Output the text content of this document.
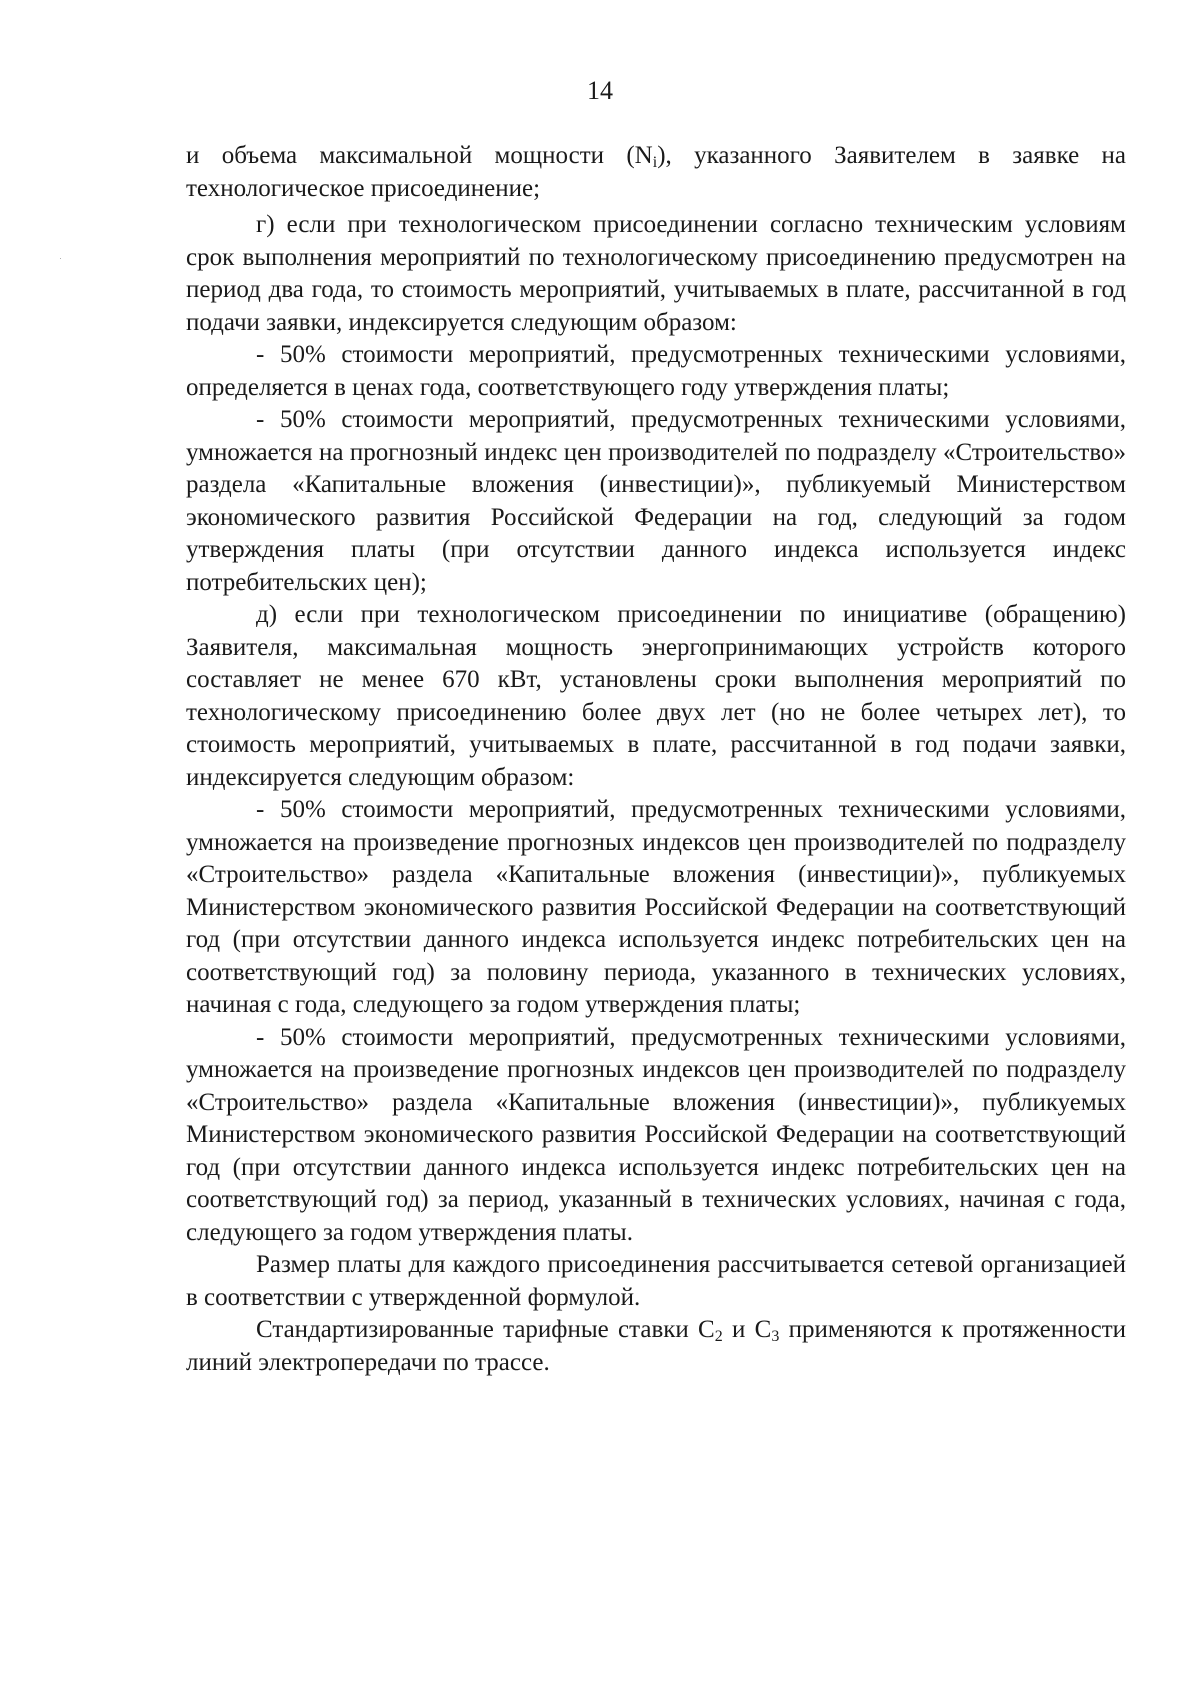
14

и объема максимальной мощности $(N_i)$, указанного Заявителем в заявке на технологическое присоединение;

г) если при технологическом присоединении согласно техническим условиям срок выполнения мероприятий по технологическому присоединению предусмотрен на период два года, то стоимость мероприятий, учитываемых в плате, рассчитанной в год подачи заявки, индексируется следующим образом:

- 50% стоимости мероприятий, предусмотренных техническими условиями, определяется в ценах года, соответствующего году утверждения платы;

- 50% стоимости мероприятий, предусмотренных техническими условиями, умножается на прогнозный индекс цен производителей по подразделу «Строительство» раздела «Капитальные вложения (инвестиции)», публикуемый Министерством экономического развития Российской Федерации на год, следующий за годом утверждения платы (при отсутствии данного индекса используется индекс потребительских цен);

д) если при технологическом присоединении по инициативе (обращению) Заявителя, максимальная мощность энергопринимающих устройств которого составляет не менее 670 кВт, установлены сроки выполнения мероприятий по технологическому присоединению более двух лет (но не более четырех лет), то стоимость мероприятий, учитываемых в плате, рассчитанной в год подачи заявки, индексируется следующим образом:

- 50% стоимости мероприятий, предусмотренных техническими условиями, умножается на произведение прогнозных индексов цен производителей по подразделу «Строительство» раздела «Капитальные вложения (инвестиции)», публикуемых Министерством экономического развития Российской Федерации на соответствующий год (при отсутствии данного индекса используется индекс потребительских цен на соответствующий год) за половину периода, указанного в технических условиях, начиная с года, следующего за годом утверждения платы;

- 50% стоимости мероприятий, предусмотренных техническими условиями, умножается на произведение прогнозных индексов цен производителей по подразделу «Строительство» раздела «Капитальные вложения (инвестиции)», публикуемых Министерством экономического развития Российской Федерации на соответствующий год (при отсутствии данного индекса используется индекс потребительских цен на соответствующий год) за период, указанный в технических условиях, начиная с года, следующего за годом утверждения платы.

Размер платы для каждого присоединения рассчитывается сетевой организацией в соответствии с утвержденной формулой.

Стандартизированные тарифные ставки $С_2$ и $С_3$ применяются к протяженности линий электропередачи по трассе.
